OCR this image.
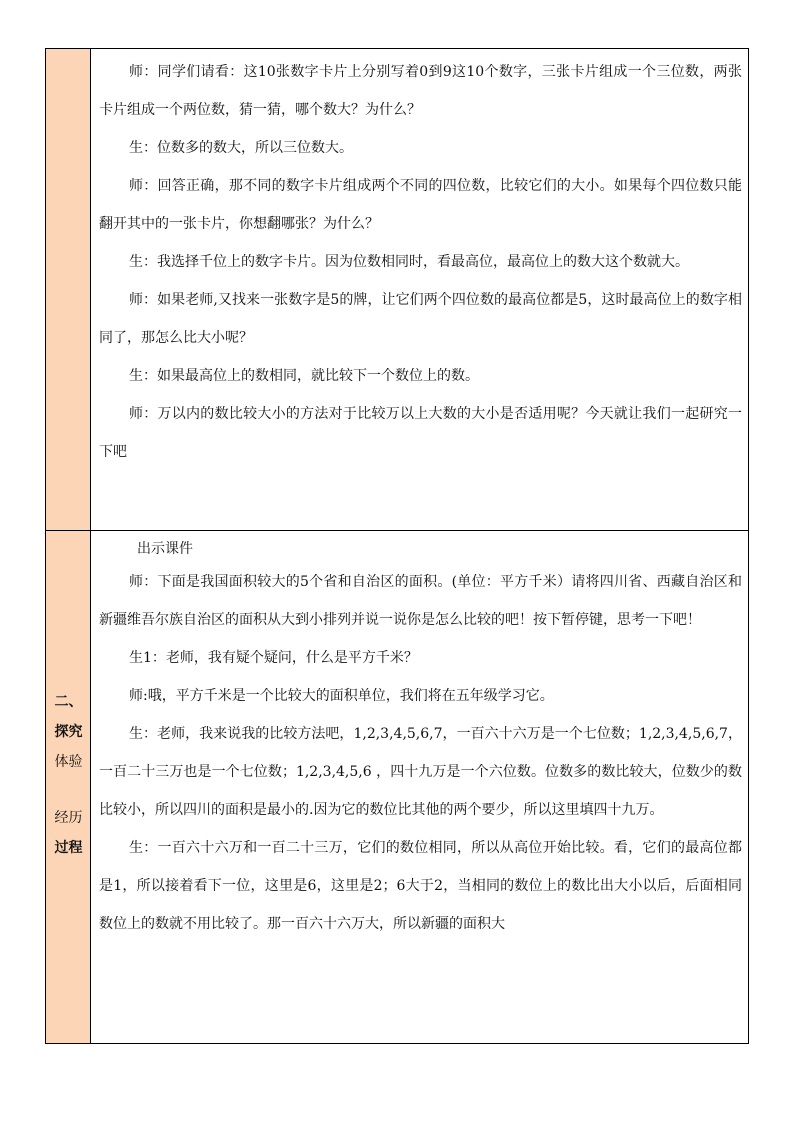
师：同学们请看：这10张数字卡片上分别写着0到9这10个数字，三张卡片组成一个三位数，两张卡片组成一个两位数，猜一猜，哪个数大？为什么？

生：位数多的数大，所以三位数大。

师：回答正确，那不同的数字卡片组成两个不同的四位数，比较它们的大小。如果每个四位数只能翻开其中的一张卡片，你想翻哪张？为什么？

生：我选择千位上的数字卡片。因为位数相同时，看最高位，最高位上的数大这个数就大。

师：如果老师,又找来一张数字是5的牌，让它们两个四位数的最高位都是5，这时最高位上的数字相同了，那怎么比大小呢？

生：如果最高位上的数相同，就比较下一个数位上的数。

师：万以内的数比较大小的方法对于比较万以上大数的大小是否适用呢？今天就让我们一起研究一下吧

二、
探究
体验
经历
过程

出示课件

师：下面是我国面积较大的5个省和自治区的面积。(单位：平方千米）请将四川省、西藏自治区和新疆维吾尔族自治区的面积从大到小排列并说一说你是怎么比较的吧！按下暂停键，思考一下吧！

生1：老师，我有疑个疑问，什么是平方千米？

师:哦，平方千米是一个比较大的面积单位，我们将在五年级学习它。

生：老师，我来说我的比较方法吧，1,2,3,4,5,6,7，一百六十六万是一个七位数；1,2,3,4,5,6,7，一百二十三万也是一个七位数；1,2,3,4,5,6 ，四十九万是一个六位数。位数多的数比较大，位数少的数比较小，所以四川的面积是最小的.因为它的数位比其他的两个要少，所以这里填四十九万。

生：一百六十六万和一百二十三万，它们的数位相同，所以从高位开始比较。看，它们的最高位都是1，所以接着看下一位，这里是6，这里是2；6大于2，当相同的数位上的数比出大小以后，后面相同数位上的数就不用比较了。那一百六十六万大，所以新疆的面积大
